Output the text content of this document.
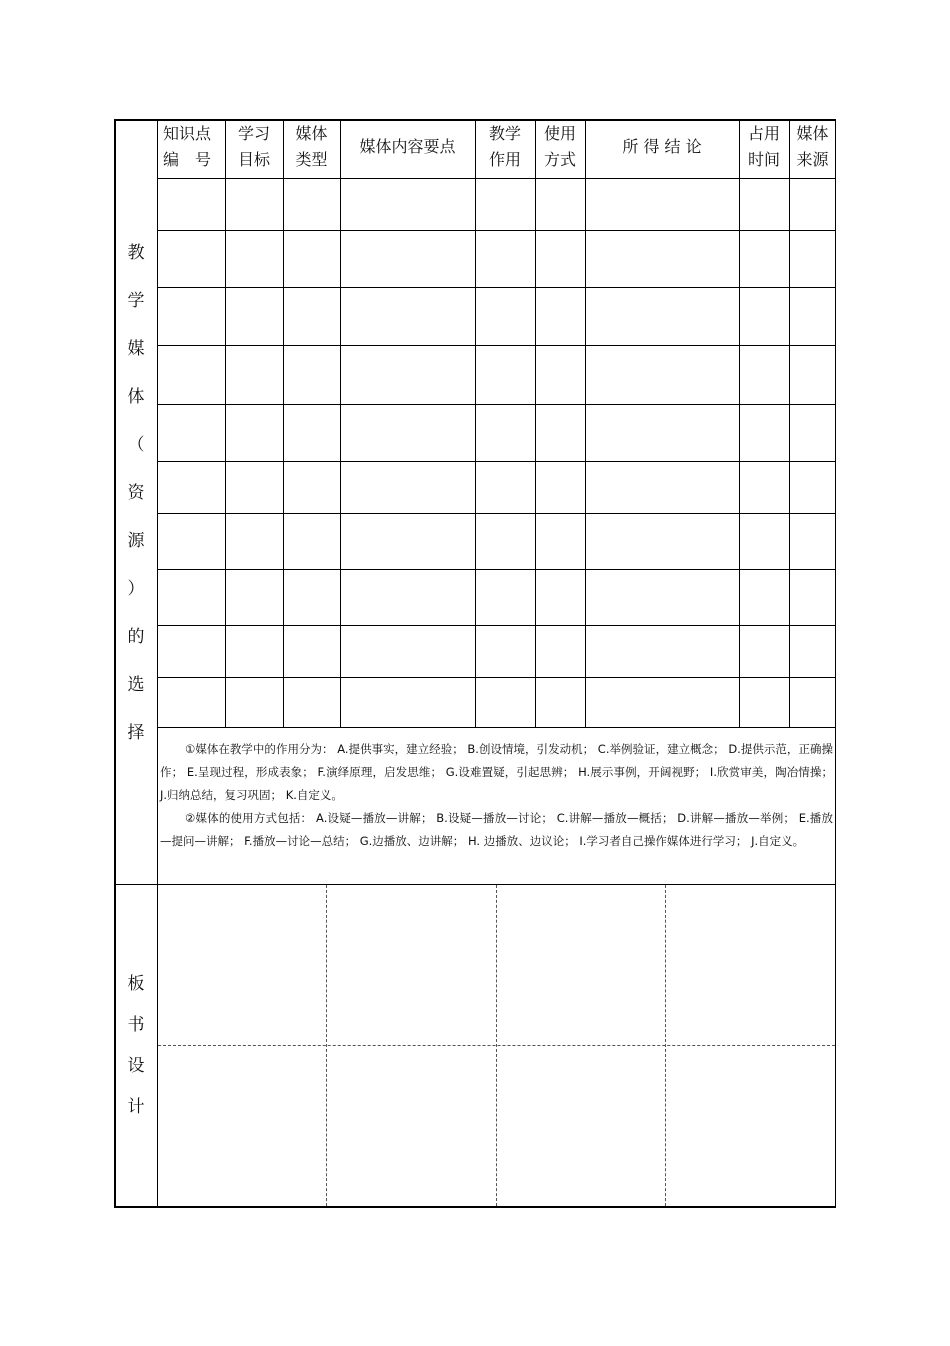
知识点
编　号
学习
目标
媒体
类型
媒体内容要点
教学
作用
使用
方式
所 得 结 论
占用
时间
媒体
来源
教
学
媒
体
（
资
源
）
的
选
择

①媒体在教学中的作用分为： A.提供事实，建立经验； B.创设情境，引发动机； C.举例验证，建立概念； D.提供示范，正确操作； E.呈现过程，形成表象； F.演绎原理，启发思维； G.设难置疑，引起思辨； H.展示事例，开阔视野； I.欣赏审美，陶冶情操； J.归纳总结，复习巩固； K.自定义。

②媒体的使用方式包括： A.设疑—播放—讲解； B.设疑—播放—讨论； C.讲解—播放—概括； D.讲解—播放—举例； E.播放—提问—讲解； F.播放—讨论—总结； G.边播放、边讲解； H. 边播放、边议论； I.学习者自己操作媒体进行学习； J.自定义。

板
书
设
计
